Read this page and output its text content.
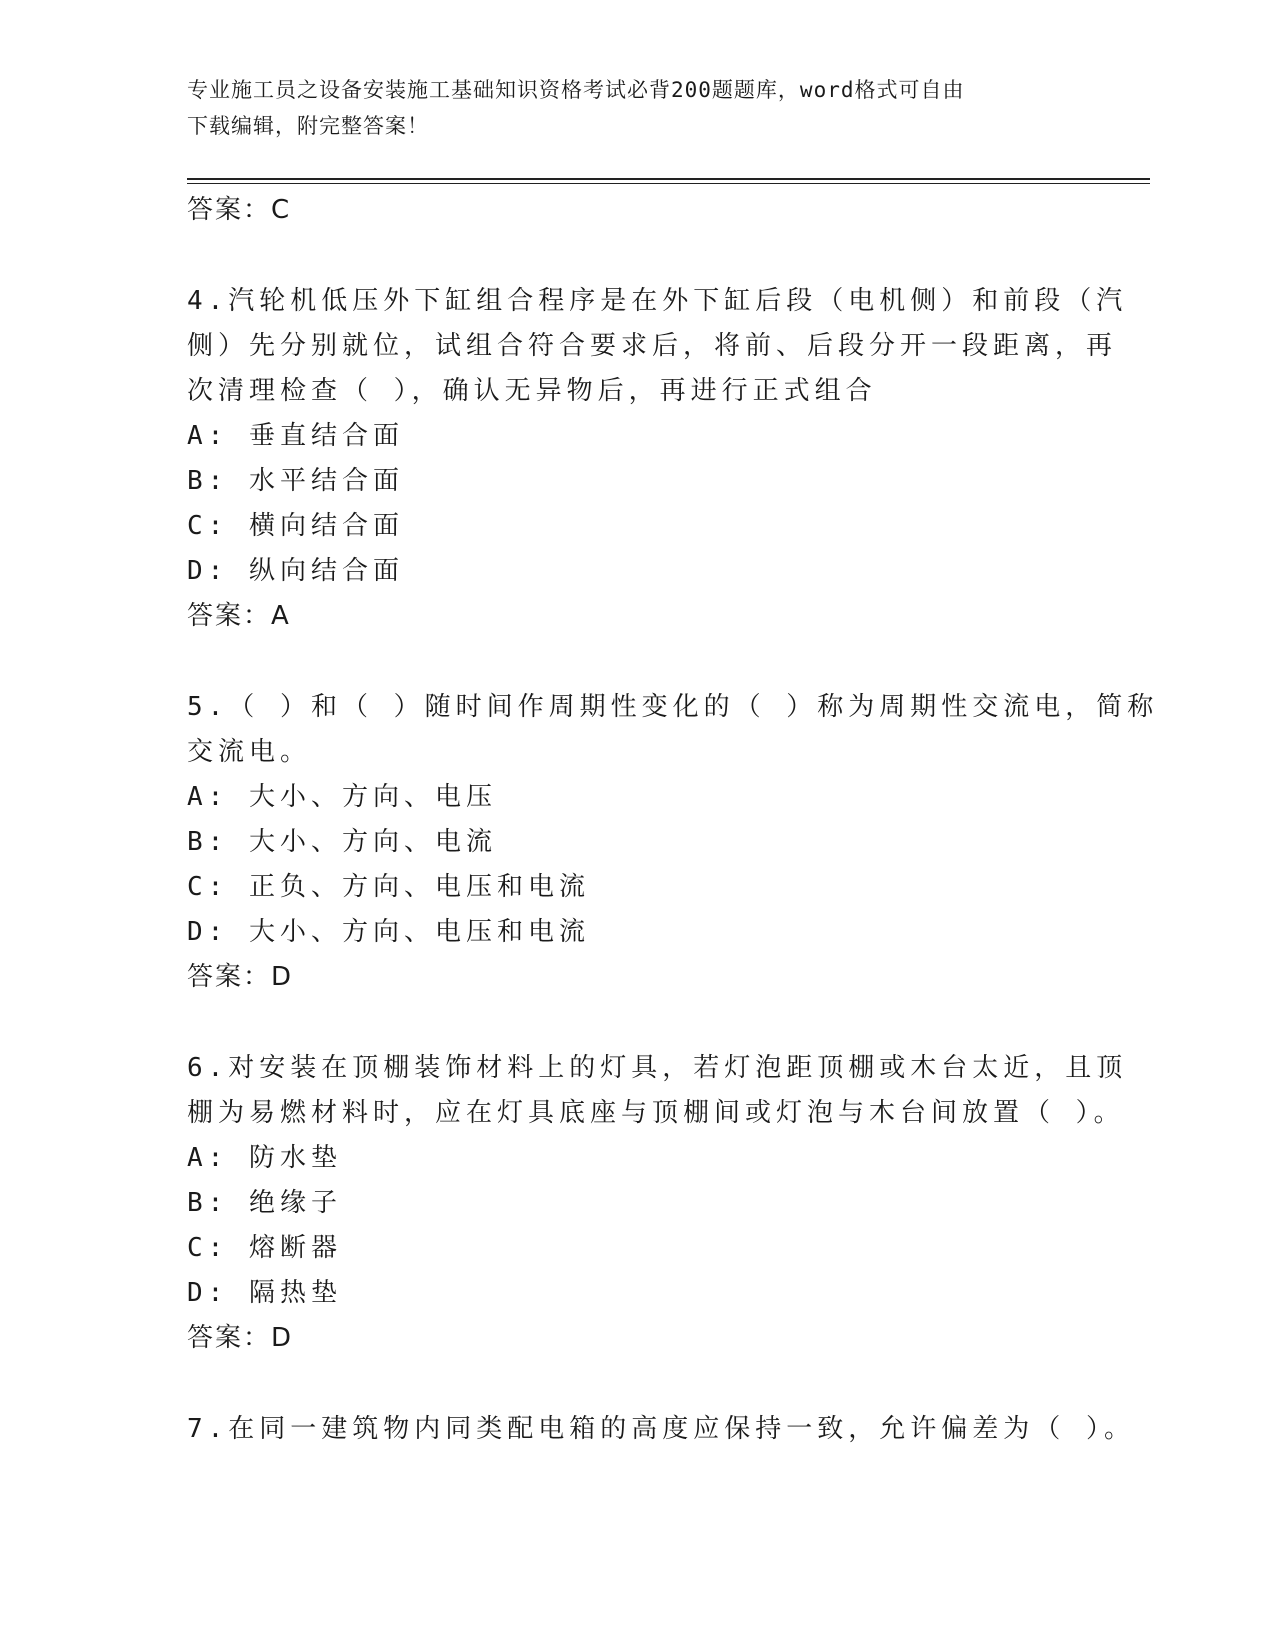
专业施工员之设备安装施工基础知识资格考试必背200题题库，word格式可自由
下载编辑，附完整答案！
答案：C
4.汽轮机低压外下缸组合程序是在外下缸后段（电机侧）和前段（汽
侧）先分别就位，试组合符合要求后，将前、后段分开一段距离，再
次清理检查（ ），确认无异物后，再进行正式组合
A: 垂直结合面
B: 水平结合面
C: 横向结合面
D: 纵向结合面
答案：A
5.（ ）和（ ）随时间作周期性变化的（ ）称为周期性交流电，简称
交流电。
A: 大小、方向、电压
B: 大小、方向、电流
C: 正负、方向、电压和电流
D: 大小、方向、电压和电流
答案：D
6.对安装在顶棚装饰材料上的灯具，若灯泡距顶棚或木台太近，且顶
棚为易燃材料时，应在灯具底座与顶棚间或灯泡与木台间放置（ ）。
A: 防水垫
B: 绝缘子
C: 熔断器
D: 隔热垫
答案：D
7.在同一建筑物内同类配电箱的高度应保持一致，允许偏差为（ ）。
